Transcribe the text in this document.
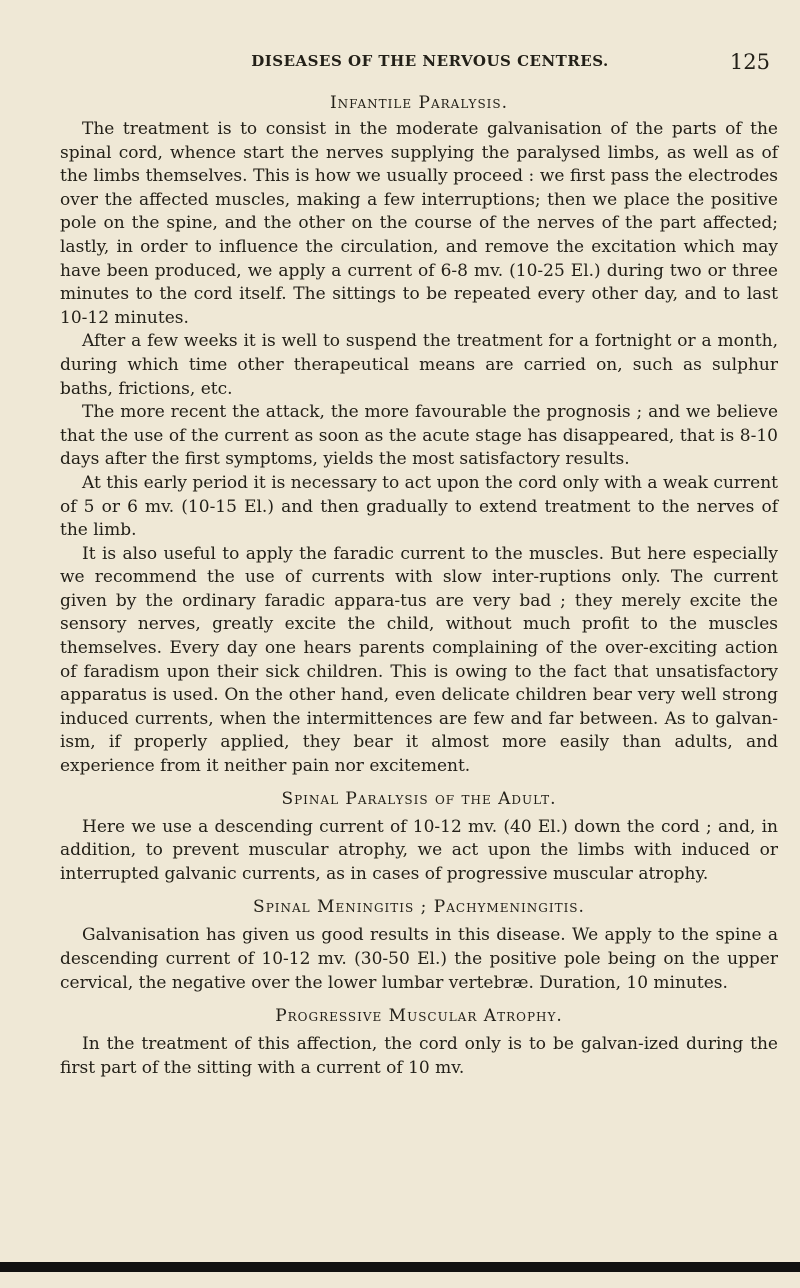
DISEASES OF THE NERVOUS CENTRES.	125
Infantile Paralysis.

The treatment is to consist in the moderate galvanisation of the parts of the spinal cord, whence start the nerves supplying the paralysed limbs, as well as of the limbs themselves. This is how we usually proceed : we first pass the electrodes over the affected muscles, making a few interruptions; then we place the positive pole on the spine, and the other on the course of the nerves of the part affected; lastly, in order to influence the circulation, and remove the excitation which may have been produced, we apply a current of 6-8 mv. (10-25 El.) during two or three minutes to the cord itself. The sittings to be repeated every other day, and to last 10-12 minutes.

After a few weeks it is well to suspend the treatment for a fortnight or a month, during which time other therapeutical means are carried on, such as sulphur baths, frictions, etc.

The more recent the attack, the more favourable the prognosis ; and we believe that the use of the current as soon as the acute stage has disappeared, that is 8-10 days after the first symptoms, yields the most satisfactory results.

At this early period it is necessary to act upon the cord only with a weak current of 5 or 6 mv. (10-15 El.) and then gradually to extend treatment to the nerves of the limb.

It is also useful to apply the faradic current to the muscles. But here especially we recommend the use of currents with slow inter-ruptions only. The current given by the ordinary faradic appara-tus are very bad ; they merely excite the sensory nerves, greatly excite the child, without much profit to the muscles themselves. Every day one hears parents complaining of the over-exciting action of faradism upon their sick children. This is owing to the fact that unsatisfactory apparatus is used. On the other hand, even delicate children bear very well strong induced currents, when the intermittences are few and far between. As to galvan-ism, if properly applied, they bear it almost more easily than adults, and experience from it neither pain nor excitement.

Spinal Paralysis of the Adult.

Here we use a descending current of 10-12 mv. (40 El.) down the cord ; and, in addition, to prevent muscular atrophy, we act upon the limbs with induced or interrupted galvanic currents, as in cases of progressive muscular atrophy.

Spinal Meningitis ; Pachymeningitis.

Galvanisation has given us good results in this disease. We apply to the spine a descending current of 10-12 mv. (30-50 El.) the positive pole being on the upper cervical, the negative over the lower lumbar vertebræ. Duration, 10 minutes.

Progressive Muscular Atrophy.

In the treatment of this affection, the cord only is to be galvan-ized during the first part of the sitting with a current of 10 mv.
